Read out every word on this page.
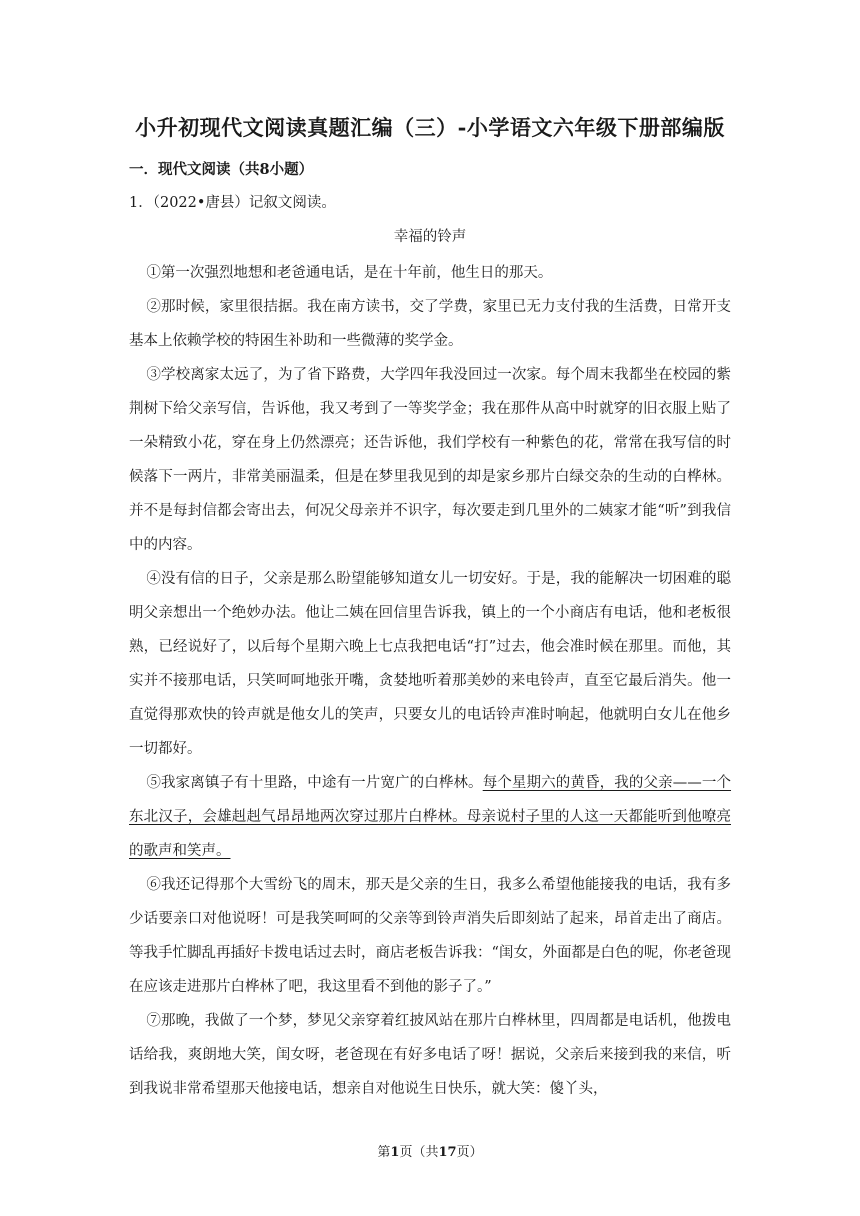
小升初现代文阅读真题汇编（三）-小学语文六年级下册部编版
一．现代文阅读（共8小题）
1．（2022•唐县）记叙文阅读。
幸福的铃声

①第一次强烈地想和老爸通电话，是在十年前，他生日的那天。

②那时候，家里很拮据。我在南方读书，交了学费，家里已无力支付我的生活费，日常开支基本上依赖学校的特困生补助和一些微薄的奖学金。

③学校离家太远了，为了省下路费，大学四年我没回过一次家。每个周末我都坐在校园的紫荆树下给父亲写信，告诉他，我又考到了一等奖学金；我在那件从高中时就穿的旧衣服上贴了一朵精致小花，穿在身上仍然漂亮；还告诉他，我们学校有一种紫色的花，常常在我写信的时候落下一两片，非常美丽温柔，但是在梦里我见到的却是家乡那片白绿交杂的生动的白桦林。并不是每封信都会寄出去，何况父母亲并不识字，每次要走到几里外的二姨家才能“听”到我信中的内容。

④没有信的日子，父亲是那么盼望能够知道女儿一切安好。于是，我的能解决一切困难的聪明父亲想出一个绝妙办法。他让二姨在回信里告诉我，镇上的一个小商店有电话，他和老板很熟，已经说好了，以后每个星期六晚上七点我把电话“打”过去，他会准时候在那里。而他，其实并不接那电话，只笑呵呵地张开嘴，贪婪地听着那美妙的来电铃声，直至它最后消失。他一直觉得那欢快的铃声就是他女儿的笑声，只要女儿的电话铃声准时响起，他就明白女儿在他乡一切都好。

⑤我家离镇子有十里路，中途有一片宽广的白桦林。每个星期六的黄昏，我的父亲——一个东北汉子，会雄赳赳气昂昂地两次穿过那片白桦林。母亲说村子里的人这一天都能听到他嘹亮的歌声和笑声。

⑥我还记得那个大雪纷飞的周末，那天是父亲的生日，我多么希望他能接我的电话，我有多少话要亲口对他说呀！可是我笑呵呵的父亲等到铃声消失后即刻站了起来，昂首走出了商店。等我手忙脚乱再插好卡拨电话过去时，商店老板告诉我：“闺女，外面都是白色的呢，你老爸现在应该走进那片白桦林了吧，我这里看不到他的影子了。”

⑦那晚，我做了一个梦，梦见父亲穿着红披风站在那片白桦林里，四周都是电话机，他拨电话给我，爽朗地大笑，闺女呀，老爸现在有好多电话了呀！据说，父亲后来接到我的来信，听到我说非常希望那天他接电话，想亲自对他说生日快乐，就大笑：傻丫头，

第1页（共17页）
